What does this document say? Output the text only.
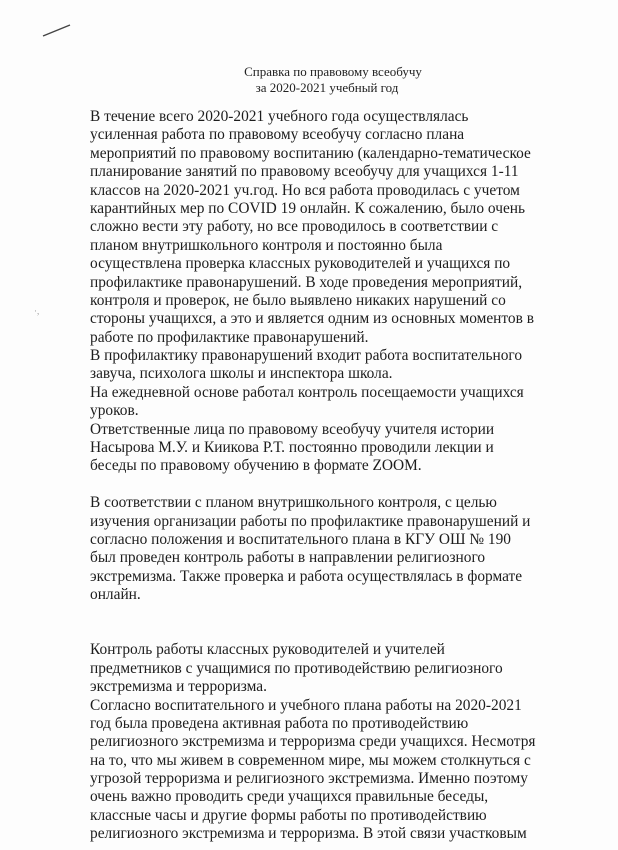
Справка по правовому всеобучу
за 2020-2021 учебный год
В течение всего 2020-2021 учебного года осуществлялась
усиленная работа по правовому всеобучу согласно плана
мероприятий по правовому воспитанию (календарно-тематическое
планирование занятий по правовому всеобучу для учащихся 1-11
классов на 2020-2021 уч.год. Но вся работа проводилась с учетом
карантийных мер по COVID 19 онлайн. К сожалению, было очень
сложно вести эту работу, но все проводилось в соответствии с
планом внутришкольного контроля и постоянно была
осуществлена проверка классных руководителей и учащихся по
профилактике правонарушений. В ходе проведения мероприятий,
контроля и проверок, не было выявлено никаких нарушений со
стороны учащихся, а это и является одним из основных моментов в
работе по профилактике правонарушений.
В профилактику правонарушений входит работа воспитательного
завуча, психолога школы и инспектора школа.
На ежедневной основе работал контроль посещаемости учащихся
уроков.
Ответственные лица по правовому всеобучу учителя истории
Насырова М.У. и Киикова Р.Т. постоянно проводили лекции и
беседы по правовому обучению в формате ZOOM.
В соответствии с планом внутришкольного контроля, с целью
изучения организации работы по профилактике правонарушений и
согласно положения и воспитательного плана в КГУ ОШ № 190
был проведен контроль работы в направлении религиозного
экстремизма. Также проверка и работа осуществлялась в формате
онлайн.
Контроль работы классных руководителей и учителей
предметников с учащимися по противодействию религиозного
экстремизма и терроризма.
Согласно воспитательного и учебного плана работы на 2020-2021
год была проведена активная работа по противодействию
религиозного экстремизма и терроризма среди учащихся. Несмотря
на то, что мы живем в современном мире, мы можем столкнуться с
угрозой терроризма и религиозного экстремизма. Именно поэтому
очень важно проводить среди учащихся правильные беседы,
классные часы и другие формы работы по противодействию
религиозного экстремизма и терроризма. В этой связи участковым
·,
